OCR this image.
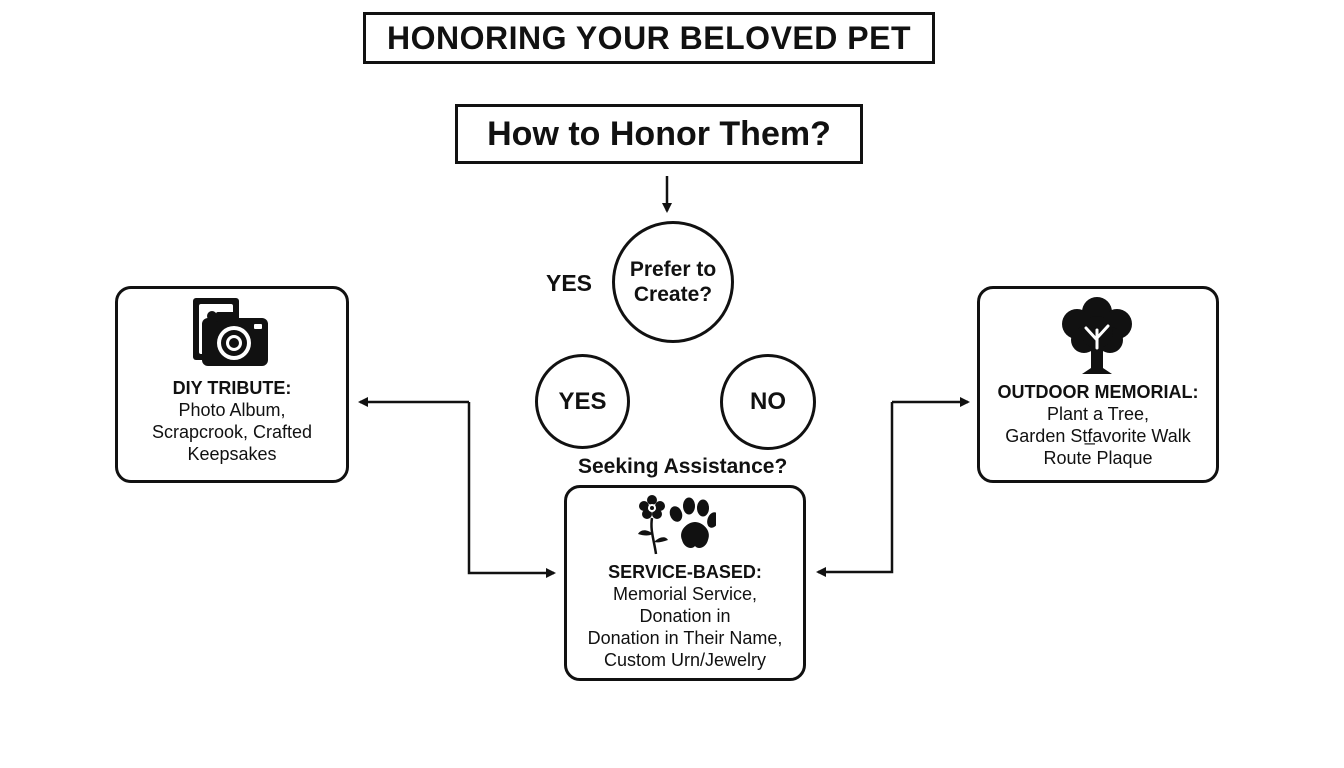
HONORING YOUR BELOVED PET
How to Honor Them?
Prefer to
Create?
YES
YES	NO
Seeking Assistance?
DIY TRIBUTE:
Photo Album,
Scrapcrook, Crafted
Keepsakes
OUTDOOR MEMORIAL:
Plant a Tree,
Garden Stf̲avorite Walk
Route Plaque
SERVICE-BASED:
Memorial Service,
Donation in
Donation in Their Name,
Custom Urn/Jewelry
